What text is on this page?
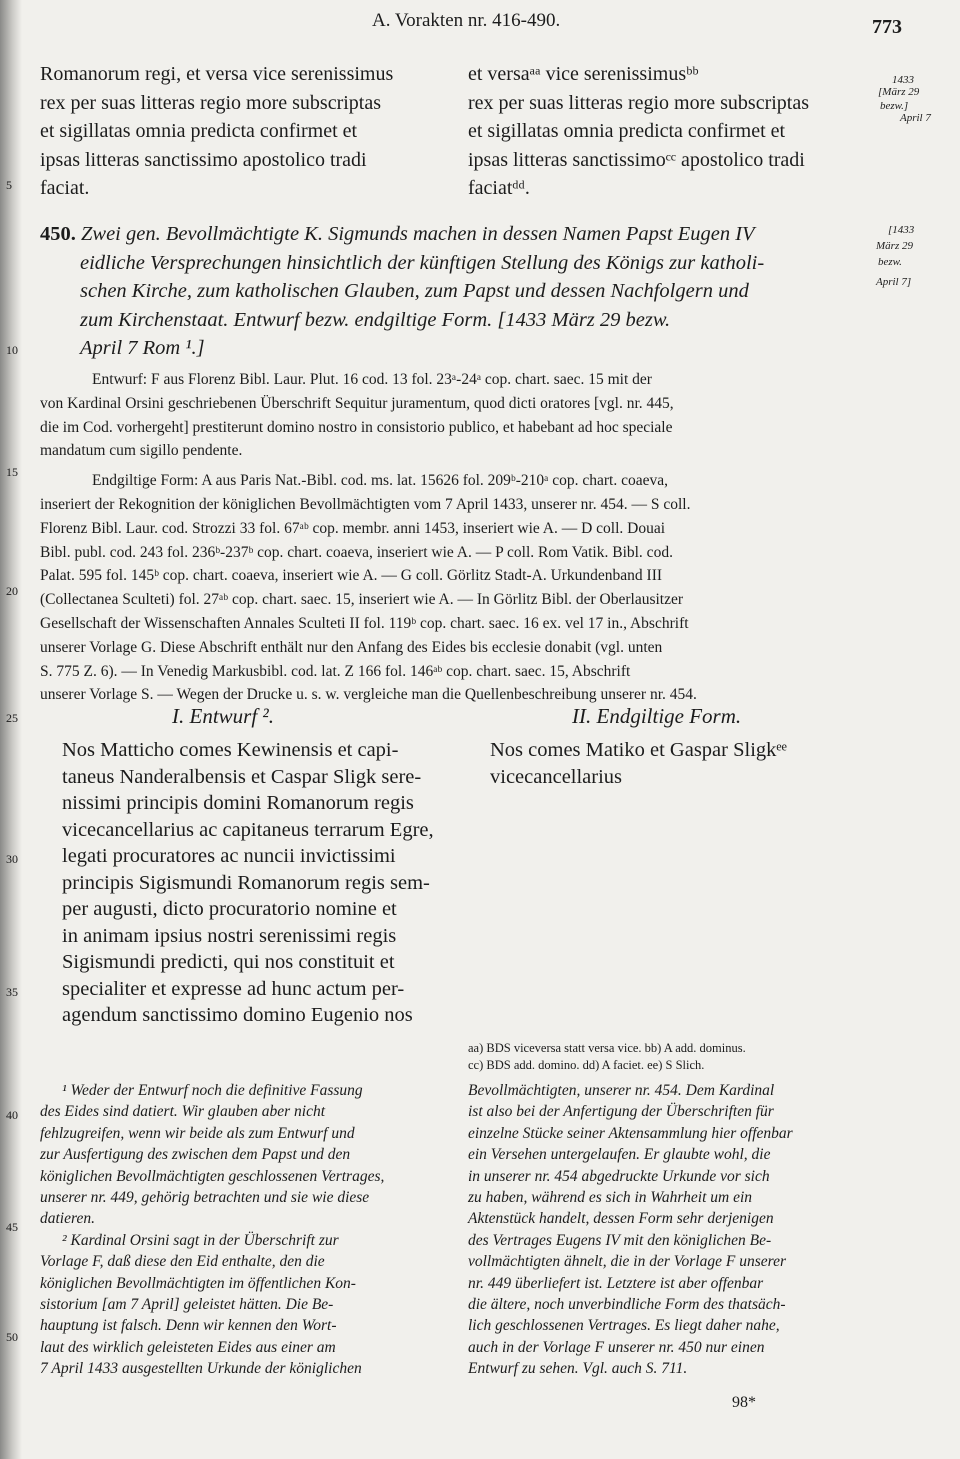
A. Vorakten nr. 416-490.	773
Romanorum regi, et versa vice serenissimus
rex per suas litteras regio more subscriptas
et sigillatas omnia predicta confirmet et
ipsas litteras sanctissimo apostolico tradi
faciat.
et versaᵃᵃ vice serenissimusᵇᵇ
rex per suas litteras regio more subscriptas
et sigillatas omnia predicta confirmet et
ipsas litteras sanctissimoᶜᶜ apostolico tradi
faciatᵈᵈ.
1433
[März 29
bezw.]
April 7
450. Zwei gen. Bevollmächtigte K. Sigmunds machen in dessen Namen Papst Eugen IV
eidliche Versprechungen hinsichtlich der künftigen Stellung des Königs zur katholi-
schen Kirche, zum katholischen Glauben, zum Papst und dessen Nachfolgern und
zum Kirchenstaat. Entwurf bezw. endgiltige Form. [1433 März 29 bezw.
April 7 Rom ¹.]
[1433
März 29
bezw.
April 7]
Entwurf: F aus Florenz Bibl. Laur. Plut. 16 cod. 13 fol. 23ᵃ-24ᵃ cop. chart. saec. 15 mit der
von Kardinal Orsini geschriebenen Überschrift Sequitur juramentum, quod dicti oratores [vgl. nr. 445,
die im Cod. vorhergeht] prestiterunt domino nostro in consistorio publico, et habebant ad hoc speciale
mandatum cum sigillo pendente.
Endgiltige Form: A aus Paris Nat.-Bibl. cod. ms. lat. 15626 fol. 209ᵇ-210ᵃ cop. chart. coaeva,
inseriert der Rekognition der königlichen Bevollmächtigten vom 7 April 1433, unserer nr. 454. — S coll.
Florenz Bibl. Laur. cod. Strozzi 33 fol. 67ᵃᵇ cop. membr. anni 1453, inseriert wie A. — D coll. Douai
Bibl. publ. cod. 243 fol. 236ᵇ-237ᵇ cop. chart. coaeva, inseriert wie A. — P coll. Rom Vatik. Bibl. cod.
Palat. 595 fol. 145ᵇ cop. chart. coaeva, inseriert wie A. — G coll. Görlitz Stadt-A. Urkundenband III
(Collectanea Sculteti) fol. 27ᵃᵇ cop. chart. saec. 15, inseriert wie A. — In Görlitz Bibl. der Oberlausitzer
Gesellschaft der Wissenschaften Annales Sculteti II fol. 119ᵇ cop. chart. saec. 16 ex. vel 17 in., Abschrift
unserer Vorlage G. Diese Abschrift enthält nur den Anfang des Eides bis ecclesie donabit (vgl. unten
S. 775 Z. 6). — In Venedig Markusbibl. cod. lat. Z 166 fol. 146ᵃᵇ cop. chart. saec. 15, Abschrift
unserer Vorlage S. — Wegen der Drucke u. s. w. vergleiche man die Quellenbeschreibung unserer nr. 454.
I. Entwurf ².	II. Endgiltige Form.
Nos Matticho comes Kewinensis et capi-
taneus Nanderalbensis et Caspar Sligk sere-
nissimi principis domini Romanorum regis
vicecancellarius ac capitaneus terrarum Egre,
legati procuratores ac nuncii invictissimi
principis Sigismundi Romanorum regis sem-
per augusti, dicto procuratorio nomine et
in animam ipsius nostri serenissimi regis
Sigismundi predicti, qui nos constituit et
specialiter et expresse ad hunc actum per-
agendum sanctissimo domino Eugenio nos
Nos comes Matiko et Gaspar Sligkᵉᵉ
vicecancellarius
aa) BDS viceversa statt versa vice. bb) A add. dominus.
cc) BDS add. domino. dd) A faciet. ee) S Slich.
¹ Weder der Entwurf noch die definitive Fassung
des Eides sind datiert. Wir glauben aber nicht
fehlzugreifen, wenn wir beide als zum Entwurf und
zur Ausfertigung des zwischen dem Papst und den
königlichen Bevollmächtigten geschlossenen Vertrages,
unserer nr. 449, gehörig betrachten und sie wie diese
datieren.
² Kardinal Orsini sagt in der Überschrift zur
Vorlage F, daß diese den Eid enthalte, den die
königlichen Bevollmächtigten im öffentlichen Kon-
sistorium [am 7 April] geleistet hätten. Die Be-
hauptung ist falsch. Denn wir kennen den Wort-
laut des wirklich geleisteten Eides aus einer am
7 April 1433 ausgestellten Urkunde der königlichen
Bevollmächtigten, unserer nr. 454. Dem Kardinal
ist also bei der Anfertigung der Überschriften für
einzelne Stücke seiner Aktensammlung hier offenbar
ein Versehen untergelaufen. Er glaubte wohl, die
in unserer nr. 454 abgedruckte Urkunde vor sich
zu haben, während es sich in Wahrheit um ein
Aktenstück handelt, dessen Form sehr derjenigen
des Vertrages Eugens IV mit den königlichen Be-
vollmächtigten ähnelt, die in der Vorlage F unserer
nr. 449 überliefert ist. Letztere ist aber offenbar
die ältere, noch unverbindliche Form des thatsäch-
lich geschlossenen Vertrages. Es liegt daher nahe,
auch in der Vorlage F unserer nr. 450 nur einen
Entwurf zu sehen. Vgl. auch S. 711.
98*
5
10
15
20
25
30
35
40
45
50
